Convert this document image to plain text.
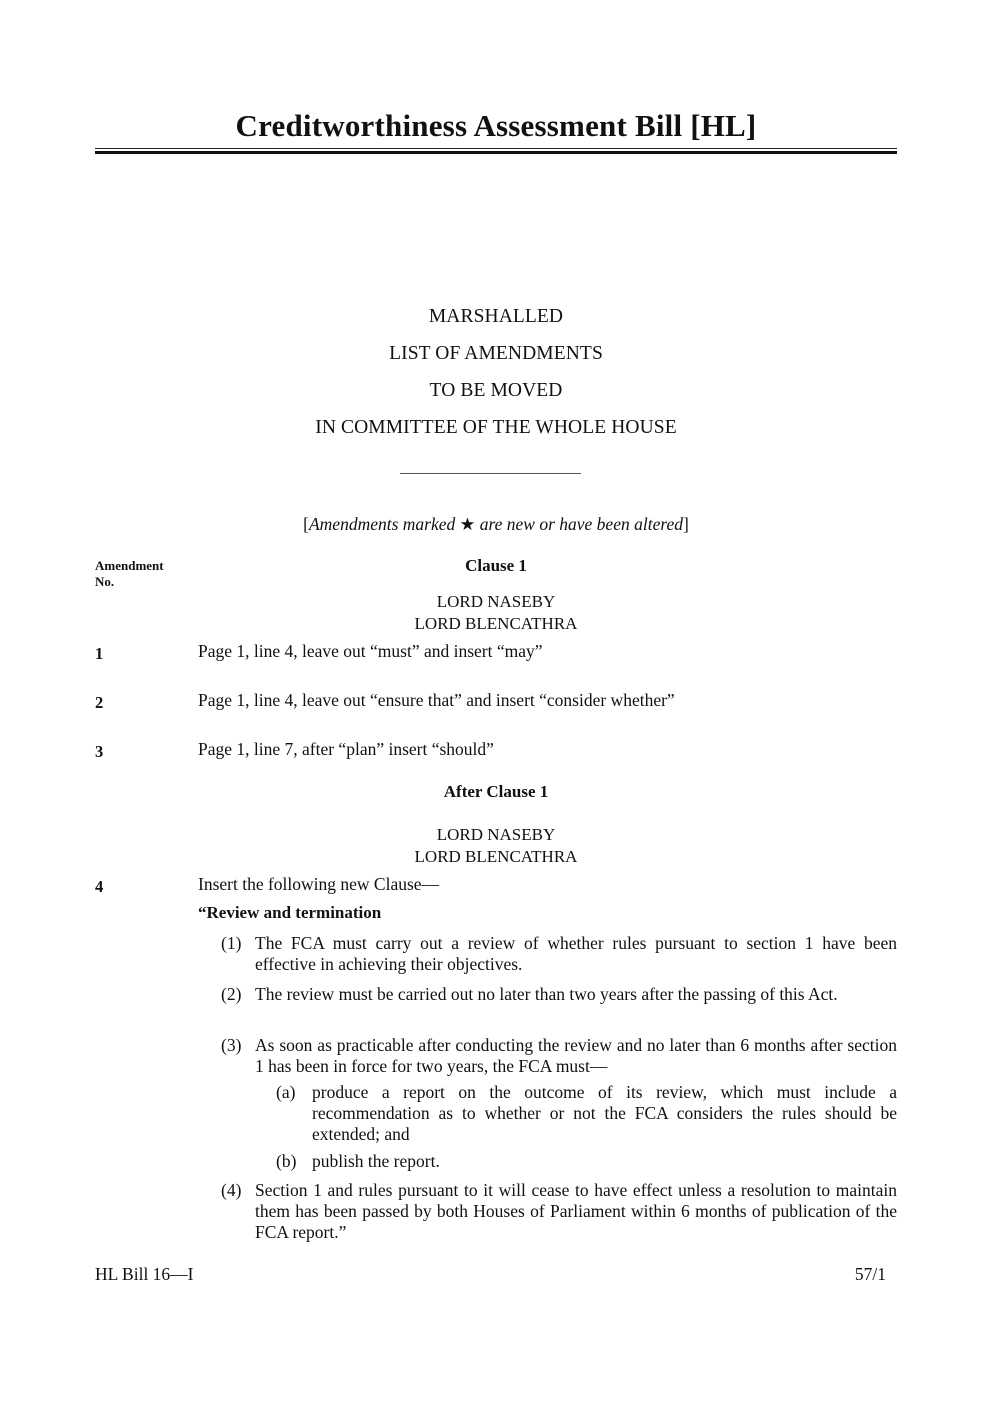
Creditworthiness Assessment Bill [HL]
MARSHALLED
LIST OF AMENDMENTS
TO BE MOVED
IN COMMITTEE OF THE WHOLE HOUSE
[Amendments marked ★ are new or have been altered]
Amendment
No.
Clause 1
LORD NASEBY
LORD BLENCATHRA
1	Page 1, line 4, leave out “must” and insert “may”
2	Page 1, line 4, leave out “ensure that” and insert “consider whether”
3	Page 1, line 7, after “plan” insert “should”
After Clause 1
LORD NASEBY
LORD BLENCATHRA
4	Insert the following new Clause—
“Review and termination
(1) The FCA must carry out a review of whether rules pursuant to section 1 have been effective in achieving their objectives.
(2) The review must be carried out no later than two years after the passing of this Act.
(3) As soon as practicable after conducting the review and no later than 6 months after section 1 has been in force for two years, the FCA must—
(a) produce a report on the outcome of its review, which must include a recommendation as to whether or not the FCA considers the rules should be extended; and
(b) publish the report.
(4) Section 1 and rules pursuant to it will cease to have effect unless a resolution to maintain them has been passed by both Houses of Parliament within 6 months of publication of the FCA report.”
HL Bill 16—I	57/1
